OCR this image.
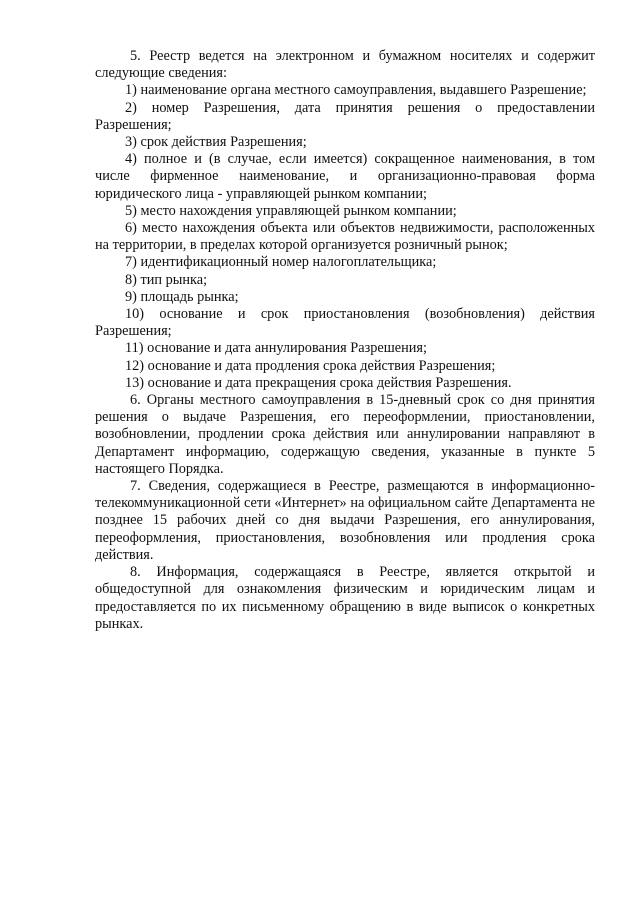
5. Реестр ведется на электронном и бумажном носителях и содержит следующие сведения:

1) наименование органа местного самоуправления, выдавшего Разрешение;

2) номер Разрешения, дата принятия решения о предоставлении Разрешения;

3) срок действия Разрешения;

4) полное и (в случае, если имеется) сокращенное наименования, в том числе фирменное наименование, и организационно-правовая форма юридического лица - управляющей рынком компании;

5) место нахождения управляющей рынком компании;

6) место нахождения объекта или объектов недвижимости, расположенных на территории, в пределах которой организуется розничный рынок;

7) идентификационный номер налогоплательщика;

8) тип рынка;

9) площадь рынка;

10) основание и срок приостановления (возобновления) действия Разрешения;

11) основание и дата аннулирования Разрешения;

12) основание и дата продления срока действия Разрешения;

13) основание и дата прекращения срока действия Разрешения.

6. Органы местного самоуправления в 15-дневный срок со дня принятия решения о выдаче Разрешения, его переоформлении, приостановлении, возобновлении, продлении срока действия или аннулировании направляют в Департамент информацию, содержащую сведения, указанные в пункте 5 настоящего Порядка.

7. Сведения, содержащиеся в Реестре, размещаются в информационно-телекоммуникационной сети «Интернет» на официальном сайте Департамента не позднее 15 рабочих дней со дня выдачи Разрешения, его аннулирования, переоформления, приостановления, возобновления или продления срока действия.

8. Информация, содержащаяся в Реестре, является открытой и общедоступной для ознакомления физическим и юридическим лицам и предоставляется по их письменному обращению в виде выписок о конкретных рынках.
